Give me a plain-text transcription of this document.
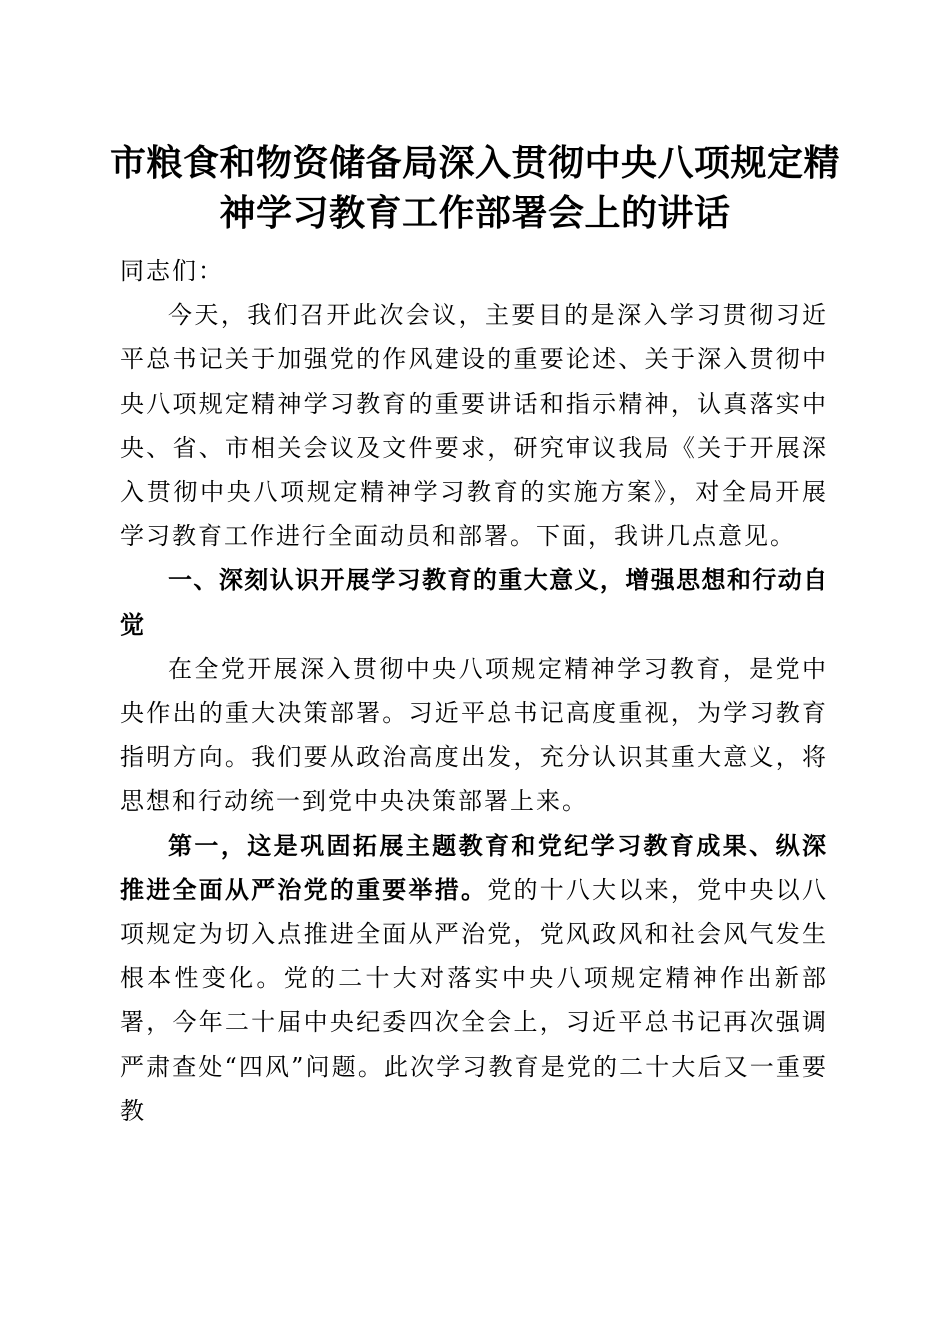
市粮食和物资储备局深入贯彻中央八项规定精
神学习教育工作部署会上的讲话

同志们：

今天，我们召开此次会议，主要目的是深入学习贯彻习近平总书记关于加强党的作风建设的重要论述、关于深入贯彻中央八项规定精神学习教育的重要讲话和指示精神，认真落实中央、省、市相关会议及文件要求，研究审议我局《关于开展深入贯彻中央八项规定精神学习教育的实施方案》，对全局开展学习教育工作进行全面动员和部署。下面，我讲几点意见。

一、深刻认识开展学习教育的重大意义，增强思想和行动自觉

在全党开展深入贯彻中央八项规定精神学习教育，是党中央作出的重大决策部署。习近平总书记高度重视，为学习教育指明方向。我们要从政治高度出发，充分认识其重大意义，将思想和行动统一到党中央决策部署上来。

第一，这是巩固拓展主题教育和党纪学习教育成果、纵深推进全面从严治党的重要举措。党的十八大以来，党中央以八项规定为切入点推进全面从严治党，党风政风和社会风气发生根本性变化。党的二十大对落实中央八项规定精神作出新部署，今年二十届中央纪委四次全会上，习近平总书记再次强调严肃查处“四风”问题。此次学习教育是党的二十大后又一重要教
